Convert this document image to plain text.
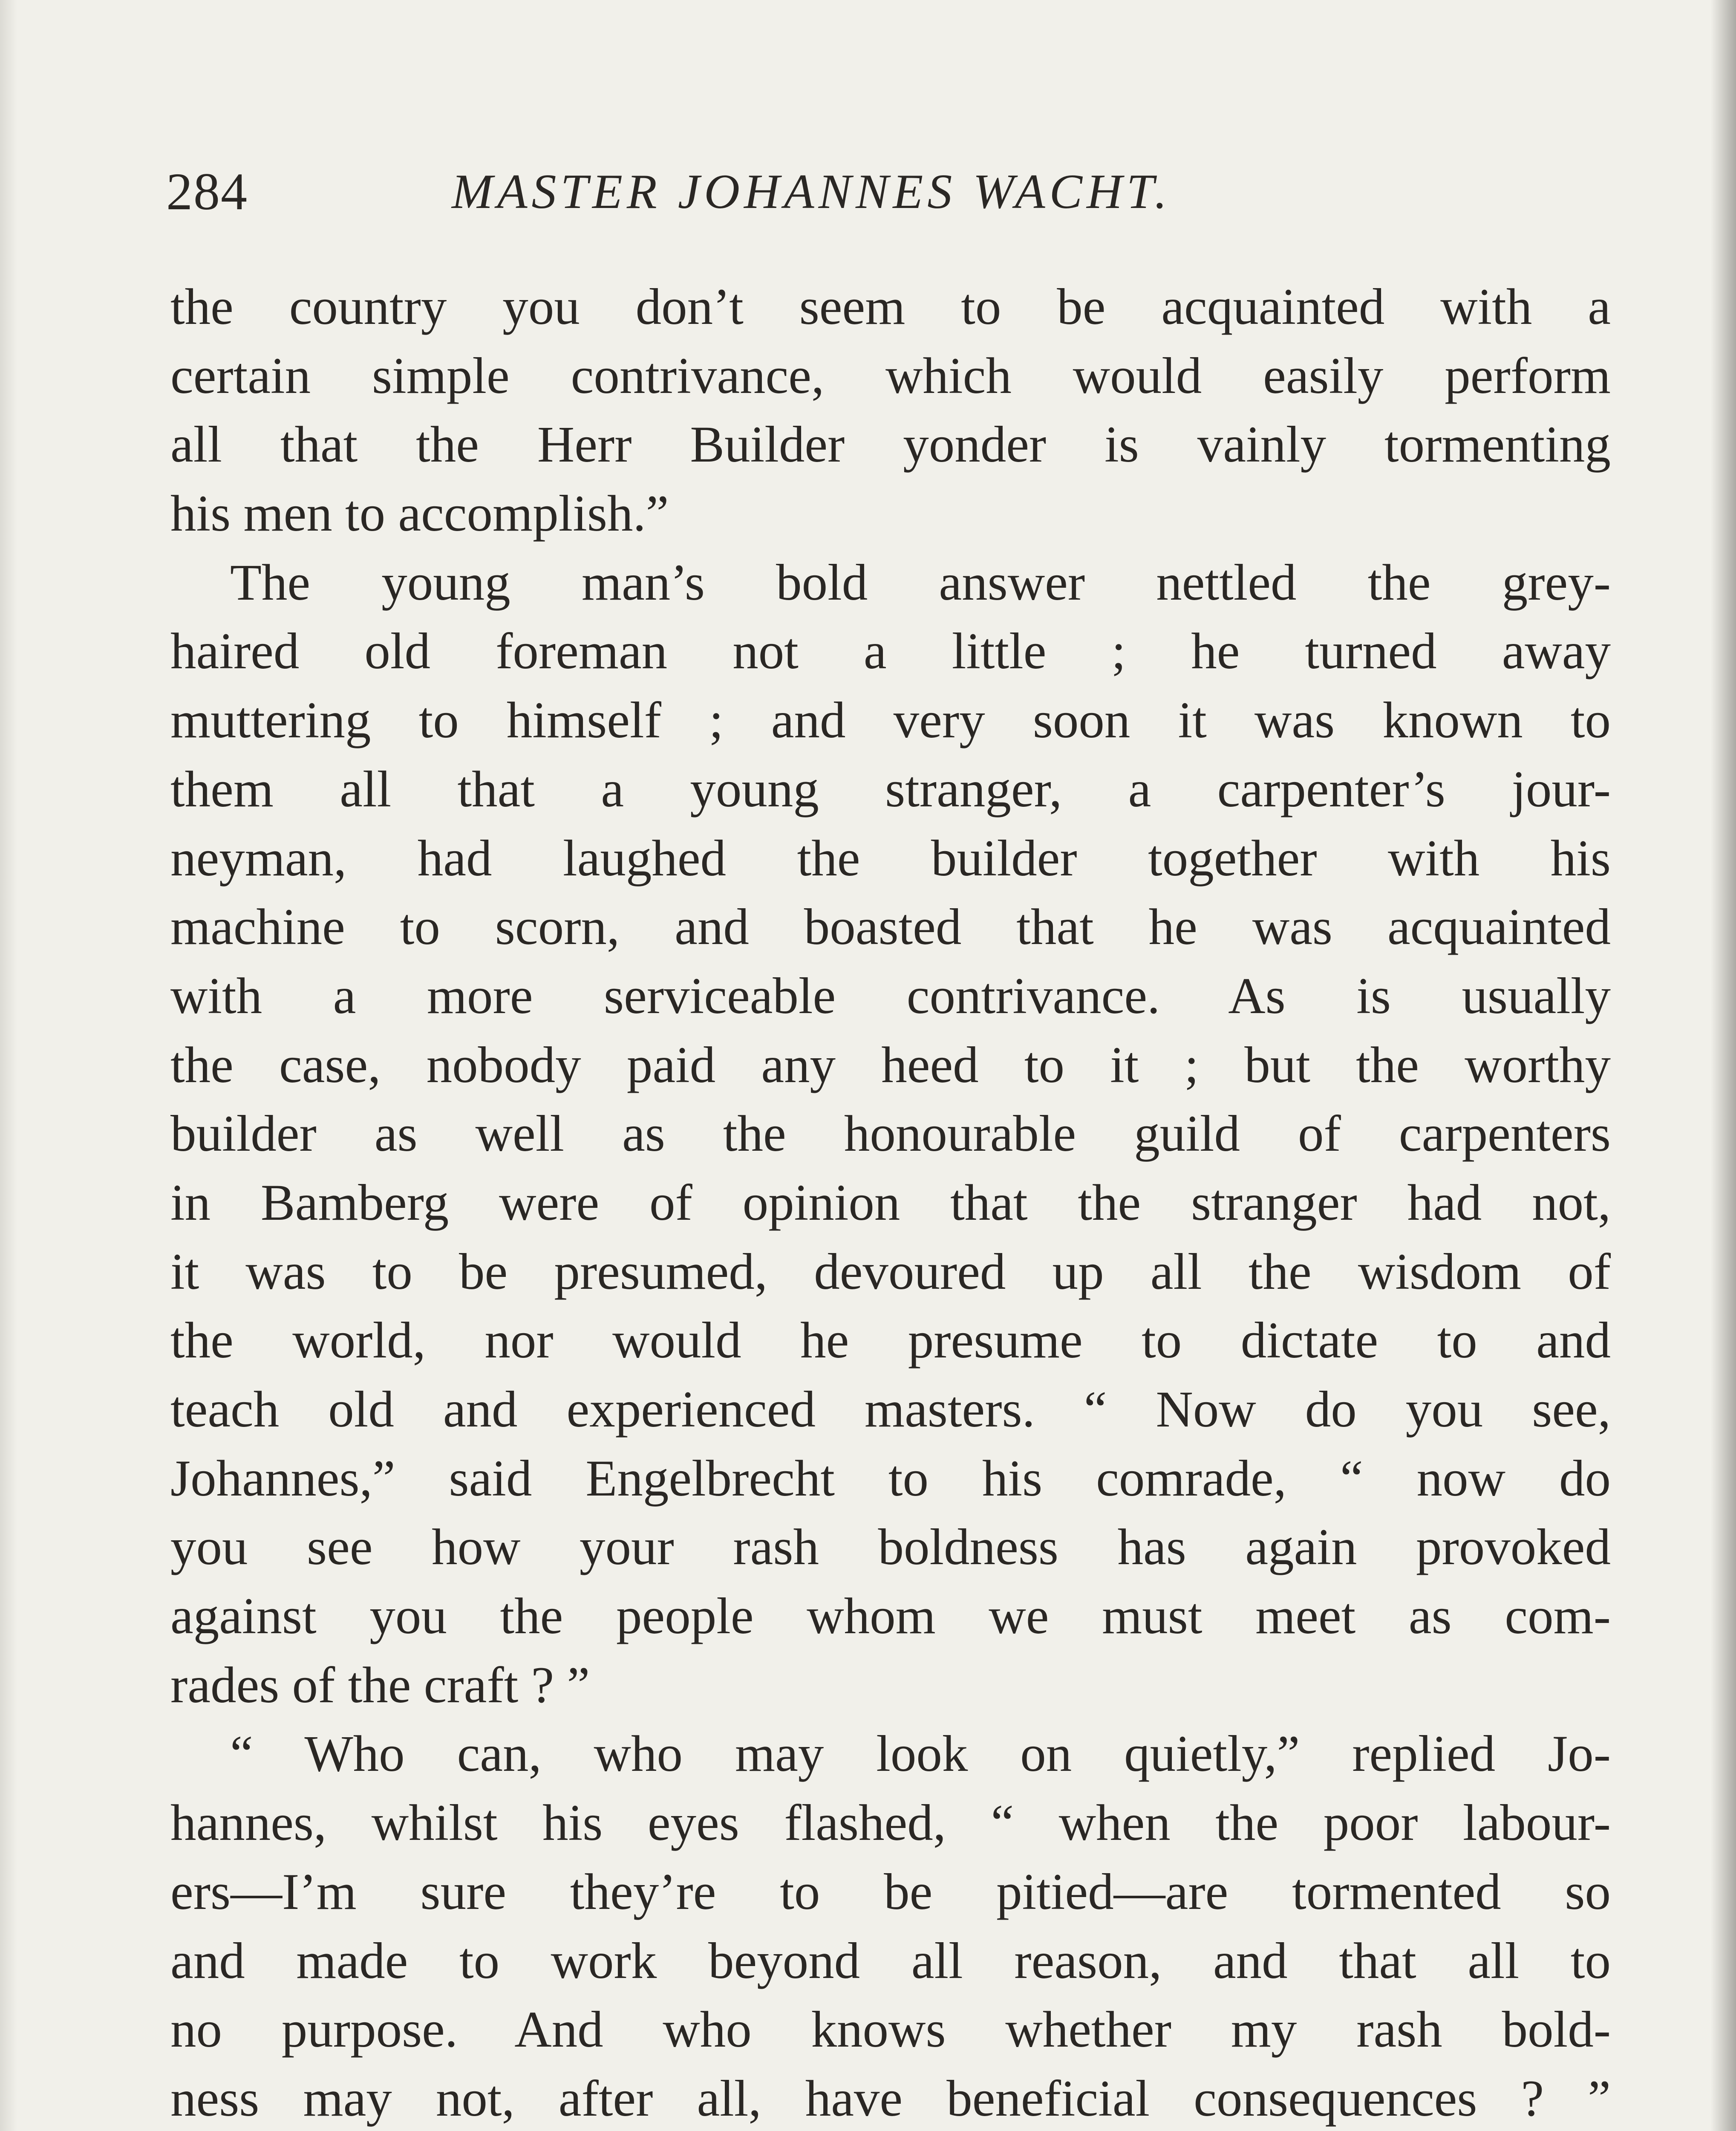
284	MASTER JOHANNES WACHT.
the country you don’t seem to be acquainted with a
certain simple contrivance, which would easily perform
all that the Herr Builder yonder is vainly tormenting
his men to accomplish.”
The young man’s bold answer nettled the grey-
haired old foreman not a little ; he turned away
muttering to himself ; and very soon it was known to
them all that a young stranger, a carpenter’s jour-
neyman, had laughed the builder together with his
machine to scorn, and boasted that he was acquainted
with a more serviceable contrivance. As is usually
the case, nobody paid any heed to it ; but the worthy
builder as well as the honourable guild of carpenters
in Bamberg were of opinion that the stranger had not,
it was to be presumed, devoured up all the wisdom of
the world, nor would he presume to dictate to and
teach old and experienced masters. “ Now do you see,
Johannes,” said Engelbrecht to his comrade, “ now do
you see how your rash boldness has again provoked
against you the people whom we must meet as com-
rades of the craft ? ”
“ Who can, who may look on quietly,” replied Jo-
hannes, whilst his eyes flashed, “ when the poor labour-
ers—I’m sure they’re to be pitied—are tormented so
and made to work beyond all reason, and that all to
no purpose. And who knows whether my rash bold-
ness may not, after all, have beneficial consequences ? ”
